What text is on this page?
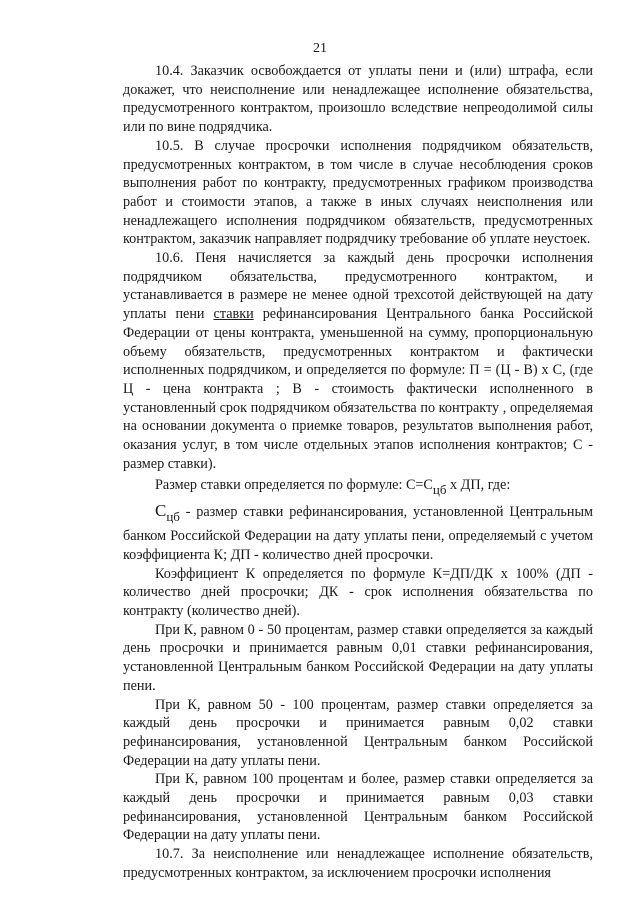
21

10.4. Заказчик освобождается от уплаты пени и (или) штрафа, если докажет, что неисполнение или ненадлежащее исполнение обязательства, предусмотренного контрактом, произошло вследствие непреодолимой силы или по вине подрядчика.

10.5. В случае просрочки исполнения подрядчиком обязательств, предусмотренных контрактом, в том числе в случае несоблюдения сроков выполнения работ по контракту, предусмотренных графиком производства работ и стоимости этапов, а также в иных случаях неисполнения или ненадлежащего исполнения подрядчиком обязательств, предусмотренных контрактом, заказчик направляет подрядчику требование об уплате неустоек.

10.6. Пеня начисляется за каждый день просрочки исполнения подрядчиком обязательства, предусмотренного контрактом, и устанавливается в размере не менее одной трехсотой действующей на дату уплаты пени ставки рефинансирования Центрального банка Российской Федерации от цены контракта, уменьшенной на сумму, пропорциональную объему обязательств, предусмотренных контрактом и фактически исполненных подрядчиком, и определяется по формуле: П = (Ц - В) х С, (где Ц - цена контракта ; В - стоимость фактически исполненного в установленный срок подрядчиком обязательства по контракту , определяемая на основании документа о приемке товаров, результатов выполнения работ, оказания услуг, в том числе отдельных этапов исполнения контрактов; С - размер ставки).

Размер ставки определяется по формуле: С=Сцб х ДП, где:

Сцб - размер ставки рефинансирования, установленной Центральным банком Российской Федерации на дату уплаты пени, определяемый с учетом коэффициента К; ДП - количество дней просрочки.

Коэффициент К определяется по формуле К=ДП/ДК х 100% (ДП - количество дней просрочки; ДК - срок исполнения обязательства по контракту (количество дней).

При К, равном 0 - 50 процентам, размер ставки определяется за каждый день просрочки и принимается равным 0,01 ставки рефинансирования, установленной Центральным банком Российской Федерации на дату уплаты пени.

При К, равном 50 - 100 процентам, размер ставки определяется за каждый день просрочки и принимается равным 0,02 ставки рефинансирования, установленной Центральным банком Российской Федерации на дату уплаты пени.

При К, равном 100 процентам и более, размер ставки определяется за каждый день просрочки и принимается равным 0,03 ставки рефинансирования, установленной Центральным банком Российской Федерации на дату уплаты пени.

10.7. За неисполнение или ненадлежащее исполнение обязательств, предусмотренных контрактом, за исключением просрочки исполнения
